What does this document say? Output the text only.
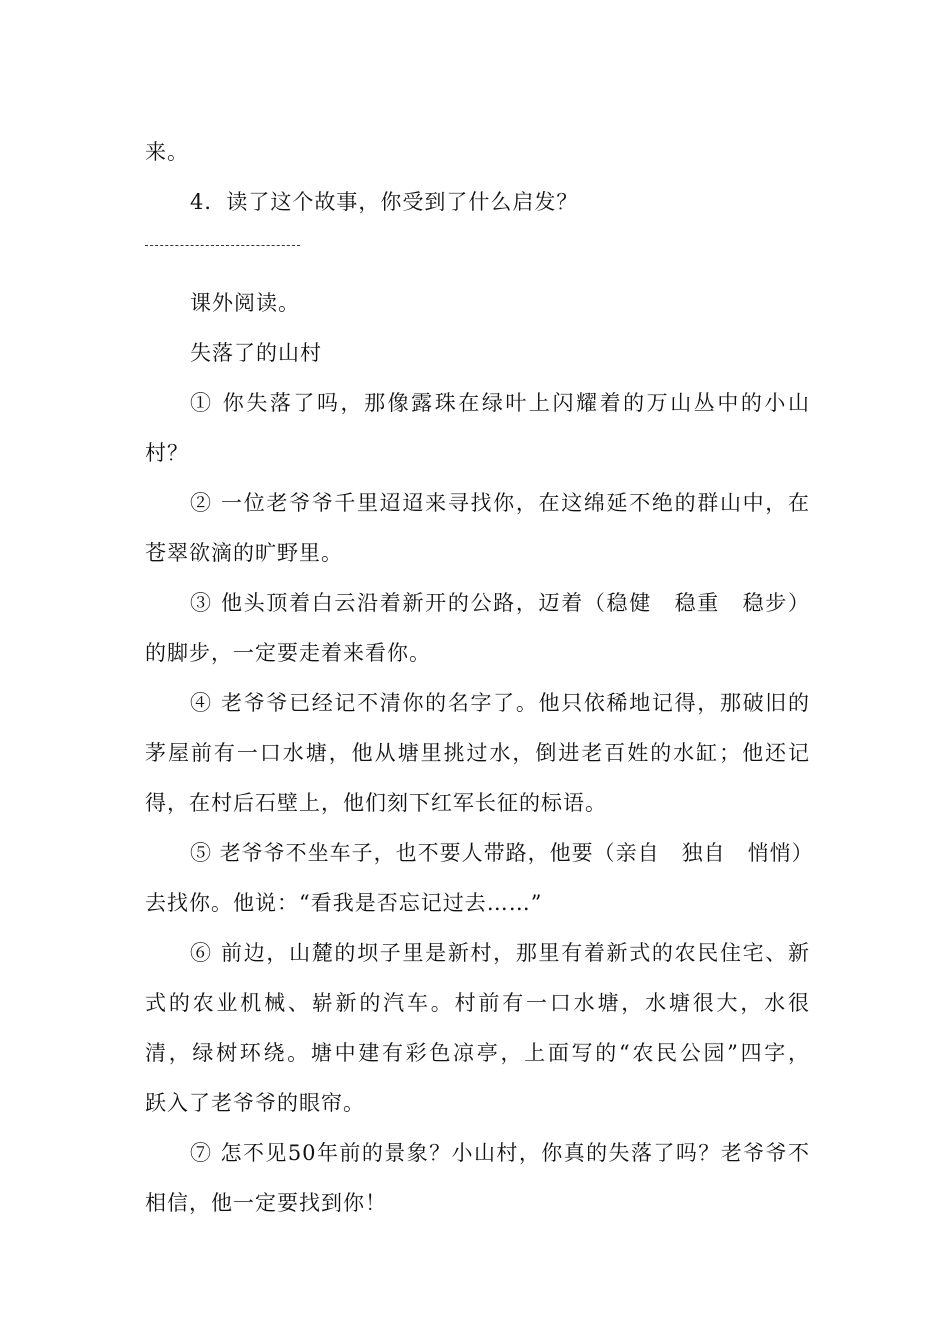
来。
4．读了这个故事，你受到了什么启发？
课外阅读。
失落了的山村
① 你失落了吗，那像露珠在绿叶上闪耀着的万山丛中的小山
村？
② 一位老爷爷千里迢迢来寻找你，在这绵延不绝的群山中，在
苍翠欲滴的旷野里。
③ 他头顶着白云沿着新开的公路，迈着（稳健　稳重　稳步）
的脚步，一定要走着来看你。
④ 老爷爷已经记不清你的名字了。他只依稀地记得，那破旧的
茅屋前有一口水塘，他从塘里挑过水，倒进老百姓的水缸；他还记
得，在村后石壁上，他们刻下红军长征的标语。
⑤ 老爷爷不坐车子，也不要人带路，他要（亲自　独自　悄悄）
去找你。他说：“看我是否忘记过去……”
⑥ 前边，山麓的坝子里是新村，那里有着新式的农民住宅、新
式的农业机械、崭新的汽车。村前有一口水塘，水塘很大，水很
清，绿树环绕。塘中建有彩色凉亭，上面写的“农民公园”四字，
跃入了老爷爷的眼帘。
⑦ 怎不见50年前的景象？小山村，你真的失落了吗？老爷爷不
相信，他一定要找到你！
